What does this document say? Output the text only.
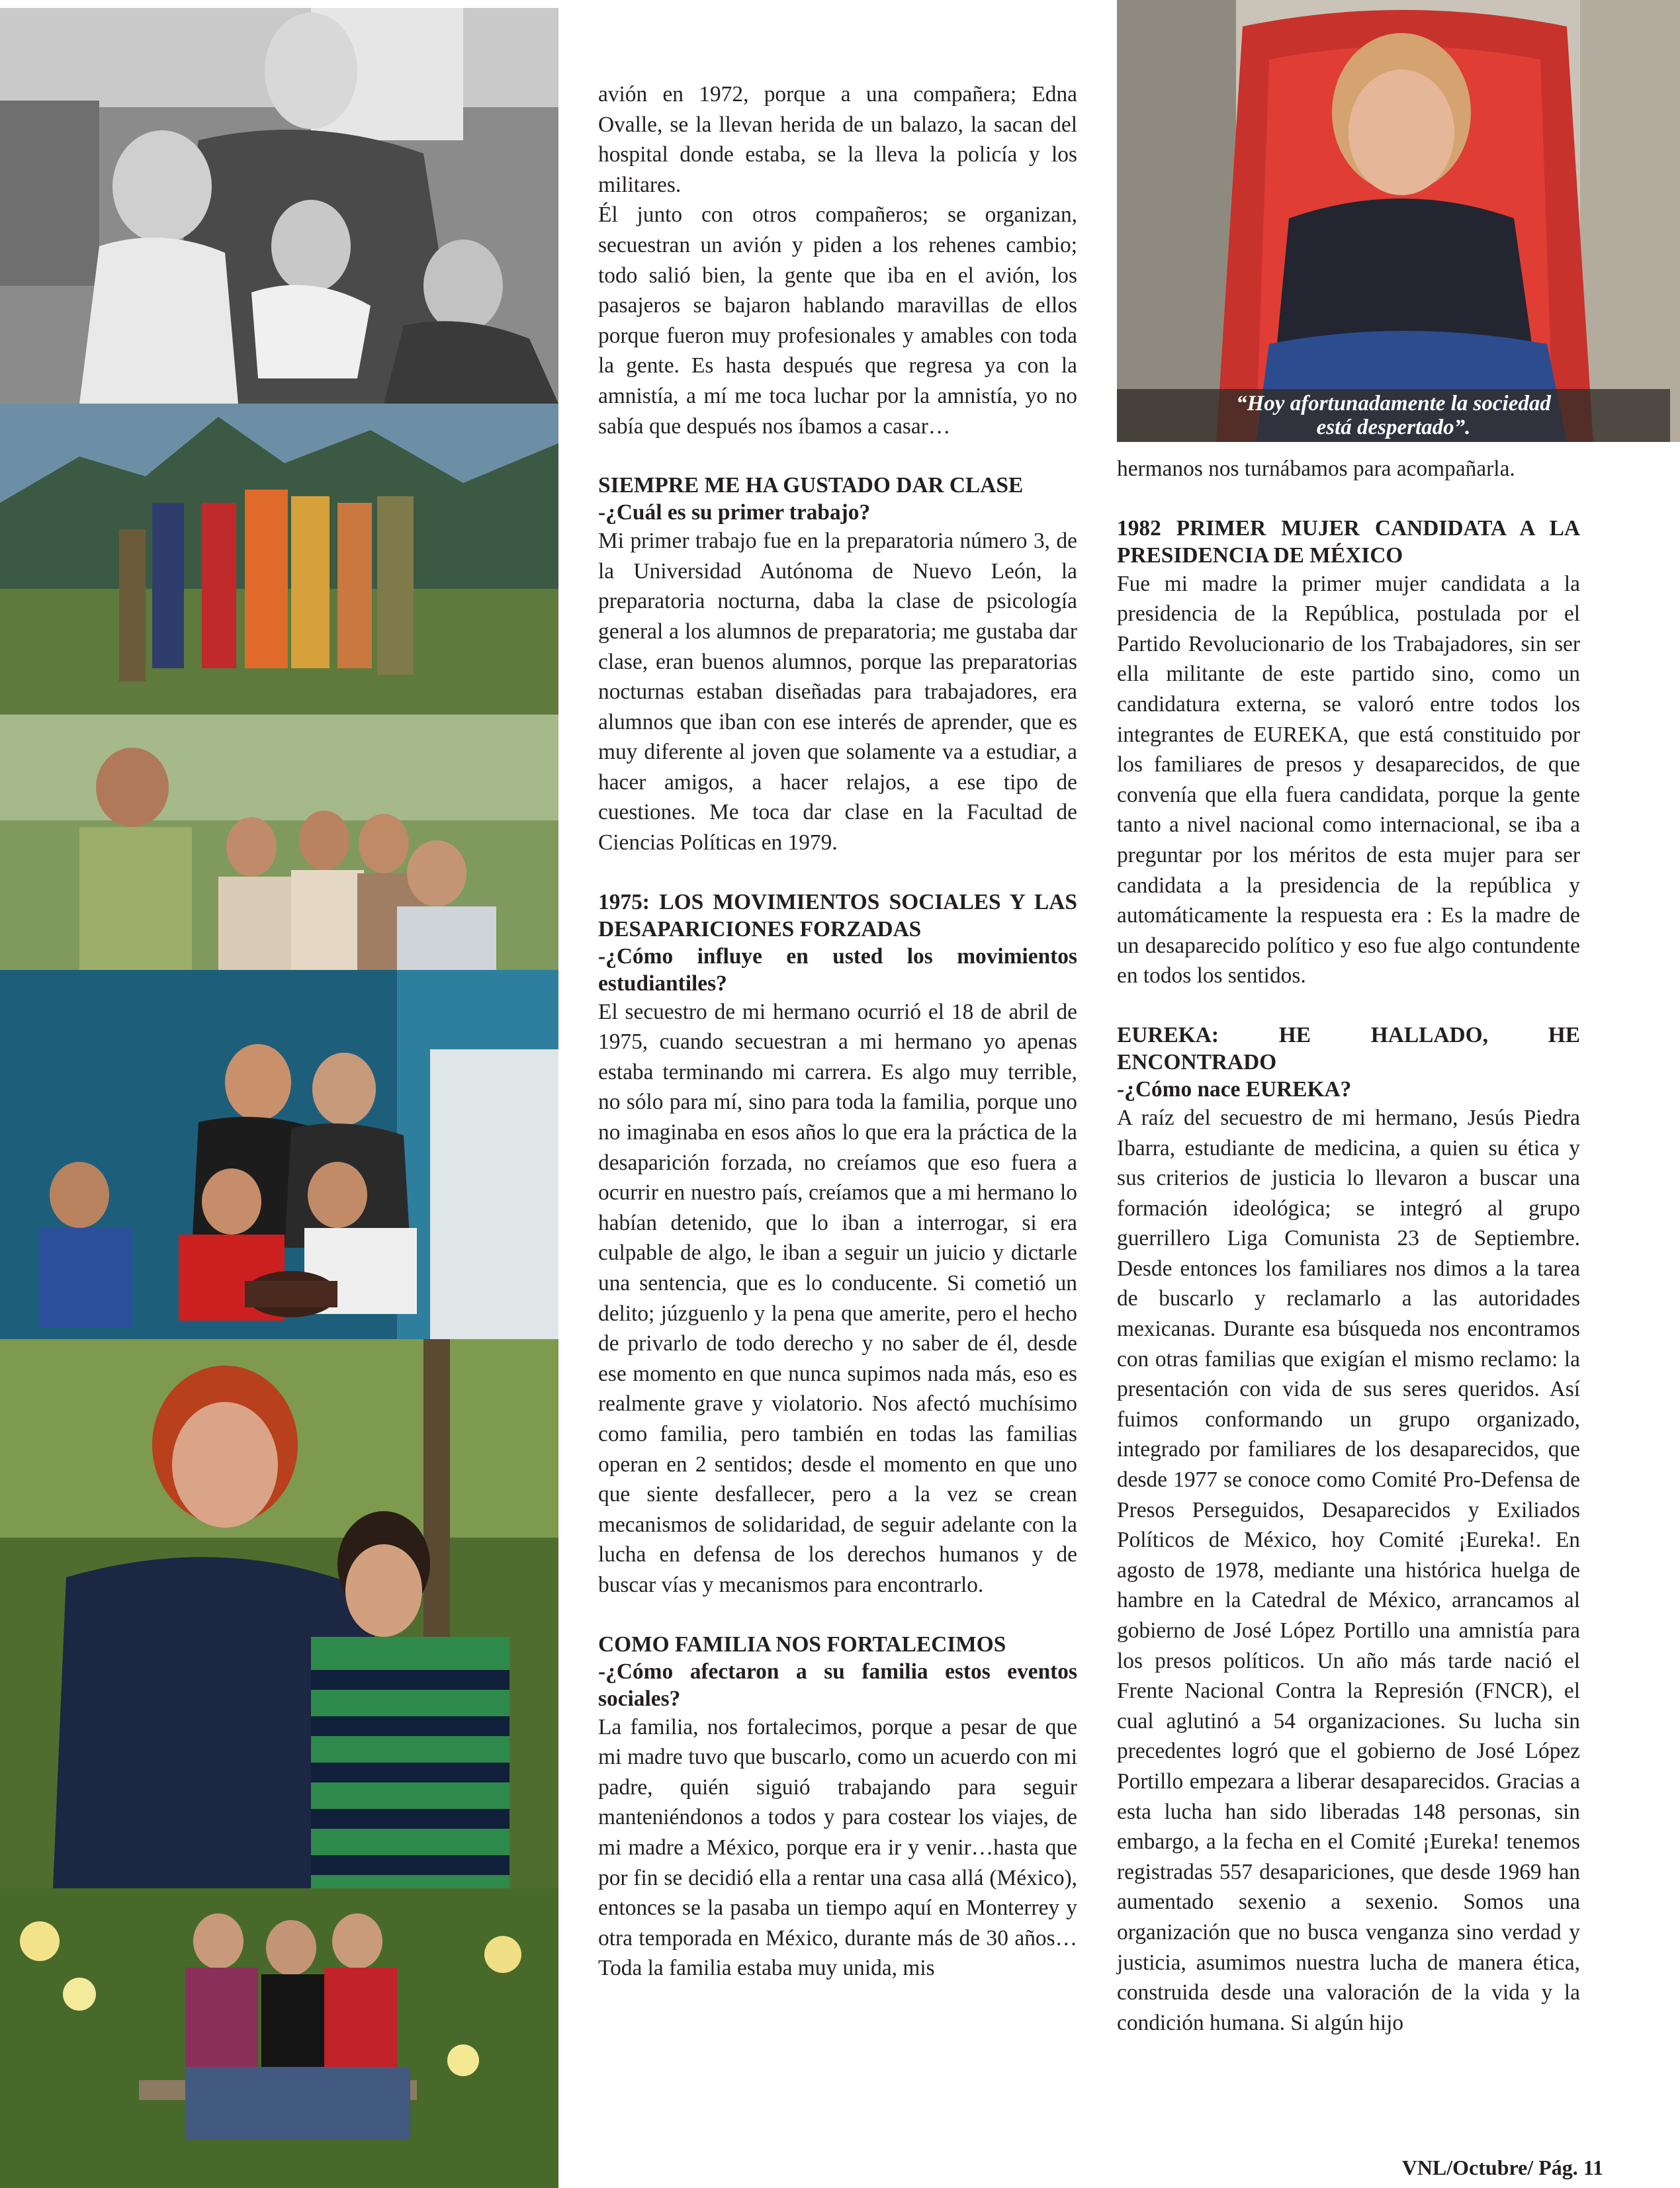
“Hoy afortunadamente la sociedad
está despertado”.

avión en 1972, porque a una compañera; Edna Ovalle, se la llevan herida de un balazo, la sacan del hospital donde estaba, se la lleva la policía y los militares.

Él junto con otros compañeros; se organizan, secuestran un avión y piden a los rehenes cambio; todo salió bien, la gente que iba en el avión, los pasajeros se bajaron hablando maravillas de ellos porque fueron muy profesionales y amables con toda la gente. Es hasta después que regresa ya con la amnistía, a mí me toca luchar por la amnistía, yo no sabía que después nos íbamos a casar…

SIEMPRE ME HA GUSTADO DAR CLASE

-¿Cuál es su primer trabajo?

Mi primer trabajo fue en la preparatoria número 3, de la Universidad Autónoma de Nuevo León, la preparatoria nocturna, daba la clase de psicología general a los alumnos de preparatoria; me gustaba dar clase, eran buenos alumnos, porque las preparatorias nocturnas estaban diseñadas para trabajadores, era alumnos que iban con ese interés de aprender, que es muy diferente al joven que solamente va a estudiar, a hacer amigos, a hacer relajos, a ese tipo de cuestiones. Me toca dar clase en la Facultad de Ciencias Políticas en 1979.

1975: LOS MOVIMIENTOS SOCIALES Y LAS DESAPARICIONES FORZADAS

-¿Cómo influye en usted los movimientos estudiantiles?

El secuestro de mi hermano ocurrió el 18 de abril de 1975, cuando secuestran a mi hermano yo apenas estaba terminando mi carrera. Es algo muy terrible, no sólo para mí, sino para toda la familia, porque uno no imaginaba en esos años lo que era la práctica de la desaparición forzada, no creíamos que eso fuera a ocurrir en nuestro país, creíamos que a mi hermano lo habían detenido, que lo iban a interrogar, si era culpable de algo, le iban a seguir un juicio y dictarle una sentencia, que es lo conducente. Si cometió un delito; júzguenlo y la pena que amerite, pero el hecho de privarlo de todo derecho y no saber de él, desde ese momento en que nunca supimos nada más, eso es realmente grave y violatorio. Nos afectó muchísimo como familia, pero también en todas las familias operan en 2 sentidos; desde el momento en que uno que siente desfallecer, pero a la vez se crean mecanismos de solidaridad, de seguir adelante con la lucha en defensa de los derechos humanos y de buscar vías y mecanismos para encontrarlo.

COMO FAMILIA NOS FORTALECIMOS

-¿Cómo afectaron a su familia estos eventos sociales?

La familia, nos fortalecimos, porque a pesar de que mi madre tuvo que buscarlo, como un acuerdo con mi padre, quién siguió trabajando para seguir manteniéndonos a todos y para costear los viajes, de mi madre a México, porque era ir y venir…hasta que por fin se decidió ella a rentar una casa allá (México), entonces se la pasaba un tiempo aquí en Monterrey y otra temporada en México, durante más de 30 años… Toda la familia estaba muy unida, mis

hermanos nos turnábamos para acompañarla.

1982 PRIMER MUJER CANDIDATA A LA PRESIDENCIA DE MÉXICO

Fue mi madre la primer mujer candidata a la presidencia de la República, postulada por el Partido Revolucionario de los Trabajadores, sin ser ella militante de este partido sino, como un candidatura externa, se valoró entre todos los integrantes de EUREKA, que está constituido por los familiares de presos y desaparecidos, de que convenía que ella fuera candidata, porque la gente tanto a nivel nacional como internacional, se iba a preguntar por los méritos de esta mujer para ser candidata a la presidencia de la república y automáticamente la respuesta era : Es la madre de un desaparecido político y eso fue algo contundente en todos los sentidos.

EUREKA: HE HALLADO, HE ENCONTRADO

-¿Cómo nace EUREKA?

A raíz del secuestro de mi hermano, Jesús Piedra Ibarra, estudiante de medicina, a quien su ética y sus criterios de justicia lo llevaron a buscar una formación ideológica; se integró al grupo guerrillero Liga Comunista 23 de Septiembre. Desde entonces los familiares nos dimos a la tarea de buscarlo y reclamarlo a las autoridades mexicanas. Durante esa búsqueda nos encontramos con otras familias que exigían el mismo reclamo: la presentación con vida de sus seres queridos. Así fuimos conformando un grupo organizado, integrado por familiares de los desaparecidos, que desde 1977 se conoce como Comité Pro-Defensa de Presos Perseguidos, Desaparecidos y Exiliados Políticos de México, hoy Comité ¡Eureka!. En agosto de 1978, mediante una histórica huelga de hambre en la Catedral de México, arrancamos al gobierno de José López Portillo una amnistía para los presos políticos. Un año más tarde nació el Frente Nacional Contra la Represión (FNCR), el cual aglutinó a 54 organizaciones. Su lucha sin precedentes logró que el gobierno de José López Portillo empezara a liberar desaparecidos. Gracias a esta lucha han sido liberadas 148 personas, sin embargo, a la fecha en el Comité ¡Eureka! tenemos registradas 557 desapariciones, que desde 1969 han aumentado sexenio a sexenio. Somos una organización que no busca venganza sino verdad y justicia, asumimos nuestra lucha de manera ética, construida desde una valoración de la vida y la condición humana. Si algún hijo

VNL/Octubre/ Pág. 11
